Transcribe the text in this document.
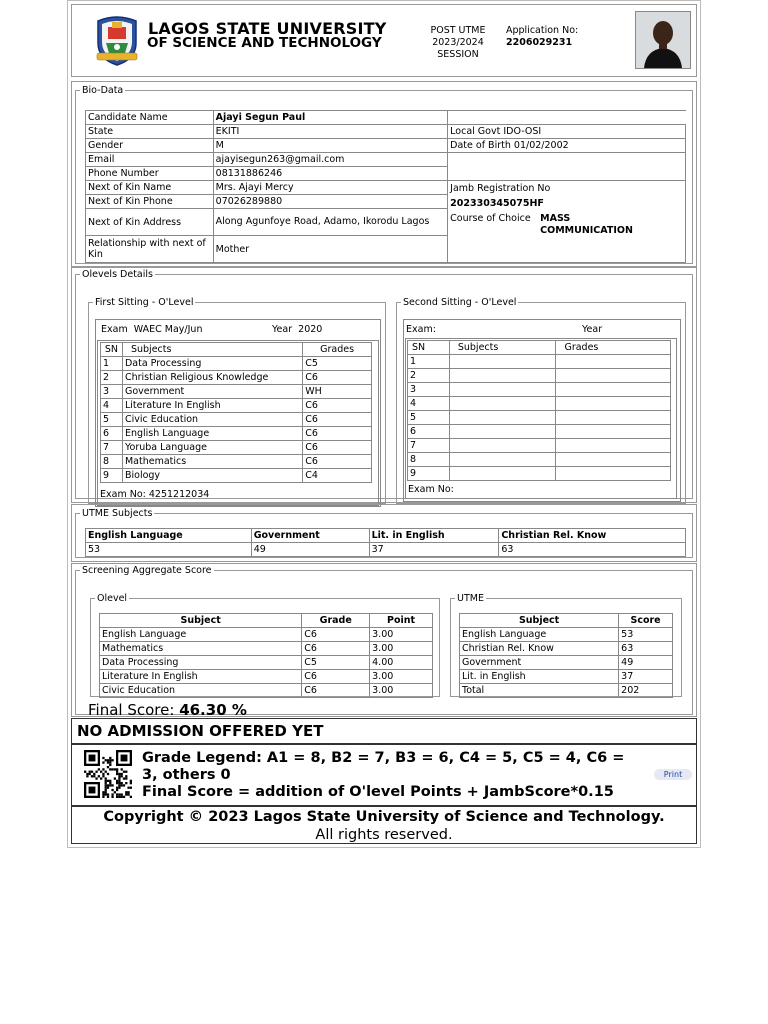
LAGOS STATE UNIVERSITY
OF SCIENCE AND TECHNOLOGY
POST UTME
2023/2024
SESSION
Application No:
2206029231
Bio-Data
Candidate Name	Ajayi Segun Paul	
State	EKITI	Local Govt IDO-OSI
Gender	M	Date of Birth 01/02/2002
Email	ajayisegun263@gmail.com	
Phone Number	08131886246	
Next of Kin Name	Mrs. Ajayi Mercy	Jamb Registration No
202330345075HF
Course of Choice MASS COMMUNICATION

Next of Kin Phone	07026289880	
Next of Kin Address	Along Agunfoye Road, Adamo, Ikorodu Lagos	
Relationship with next of Kin	Mother	
Olevels Details
First Sitting - O'Level
Exam WAEC May/Jun	Year 2020
SN	Subjects	Grades
1	Data Processing	C5
2	Christian Religious Knowledge	C6
3	Government	WH
4	Literature In English	C6
5	Civic Education	C6
6	English Language	C6
7	Yoruba Language	C6
8	Mathematics	C6
9	Biology	C4
Exam No: 4251212034
Second Sitting - O'Level
Exam:	Year
SN	Subjects	Grades
1		
2		
3		
4		
5		
6		
7		
8		
9		
Exam No:
UTME Subjects
English Language	Government	Lit. in English	Christian Rel. Know
53	49	37	63
Screening Aggregate Score
Olevel
Subject	Grade	Point
English Language	C6	3.00
Mathematics	C6	3.00
Data Processing	C5	4.00
Literature In English	C6	3.00
Civic Education	C6	3.00
UTME
Subject	Score
English Language	53
Christian Rel. Know	63
Government	49
Lit. in English	37
Total	202
Final Score: 46.30 %
NO ADMISSION OFFERED YET
Grade Legend: A1 = 8, B2 = 7, B3 = 6, C4 = 5, C5 = 4, C6 = 3, others 0
Final Score = addition of O'level Points + JambScore*0.15
Print
Copyright © 2023 Lagos State University of Science and Technology.
All rights reserved.
